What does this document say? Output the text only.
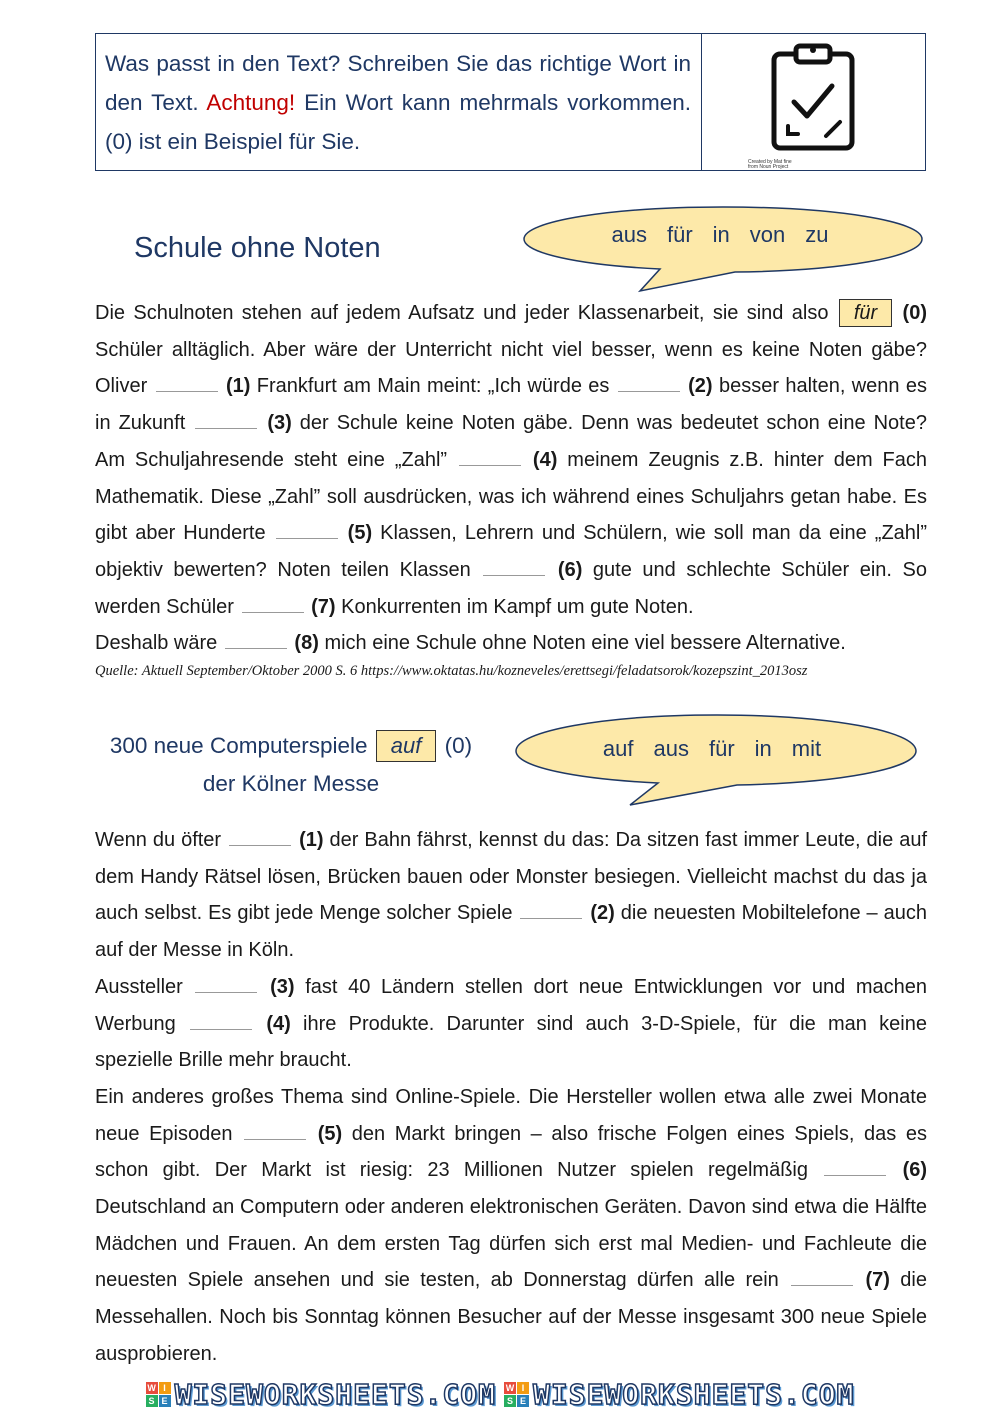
Was passt in den Text? Schreiben Sie das richtige Wort in den Text. Achtung! Ein Wort kann mehrmals vorkommen. (0) ist ein Beispiel für Sie.
Created by Mat fine
from Noun Project
Schule ohne Noten	aus für in von zu

Die Schulnoten stehen auf jedem Aufsatz und jeder Klassenarbeit, sie sind also für (0) Schüler alltäglich. Aber wäre der Unterricht nicht viel besser, wenn es keine Noten gäbe? Oliver	(1) Frankfurt am Main meint: „Ich würde es	(2) besser halten, wenn es in Zukunft	(3) der Schule keine Noten gäbe. Denn was bedeutet schon eine Note? Am Schuljahresende steht eine „Zahl”	(4) meinem Zeugnis z.B. hinter dem Fach Mathematik. Diese „Zahl” soll ausdrücken, was ich während eines Schuljahrs getan habe. Es gibt aber Hunderte	(5) Klassen, Lehrern und Schülern, wie soll man da eine „Zahl” objektiv bewerten? Noten teilen Klassen	(6) gute und schlechte Schüler ein. So werden Schüler	(7) Konkurrenten im Kampf um gute Noten.

Deshalb wäre	(8) mich eine Schule ohne Noten eine viel bessere Alternative.

Quelle: Aktuell September/Oktober 2000 S. 6 https://www.oktatas.hu/kozneveles/erettsegi/feladatsorok/kozepszint_2013osz
300 neue Computerspiele auf (0)
der Kölner Messe
auf aus für in mit

Wenn du öfter	(1) der Bahn fährst, kennst du das: Da sitzen fast immer Leute, die auf dem Handy Rätsel lösen, Brücken bauen oder Monster besiegen. Vielleicht machst du das ja auch selbst. Es gibt jede Menge solcher Spiele	(2) die neuesten Mobiltelefone – auch auf der Messe in Köln.

Aussteller	(3) fast 40 Ländern stellen dort neue Entwicklungen vor und machen Werbung	(4) ihre Produkte. Darunter sind auch 3-D-Spiele, für die man keine spezielle Brille mehr braucht.

Ein anderes großes Thema sind Online-Spiele. Die Hersteller wollen etwa alle zwei Monate neue Episoden	(5) den Markt bringen – also frische Folgen eines Spiels, das es schon gibt. Der Markt ist riesig: 23 Millionen Nutzer spielen regelmäßig	(6) Deutschland an Computern oder anderen elektronischen Geräten. Davon sind etwa die Hälfte Mädchen und Frauen. An dem ersten Tag dürfen sich erst mal Medien- und Fachleute die neuesten Spiele ansehen und sie testen, ab Donnerstag dürfen alle rein	(7) die Messehallen. Noch bis Sonntag können Besucher auf der Messe insgesamt 300 neue Spiele ausprobieren.

W I
S E WISEWORKSHEETS.COM W I
S E WISEWORKSHEETS.COM
